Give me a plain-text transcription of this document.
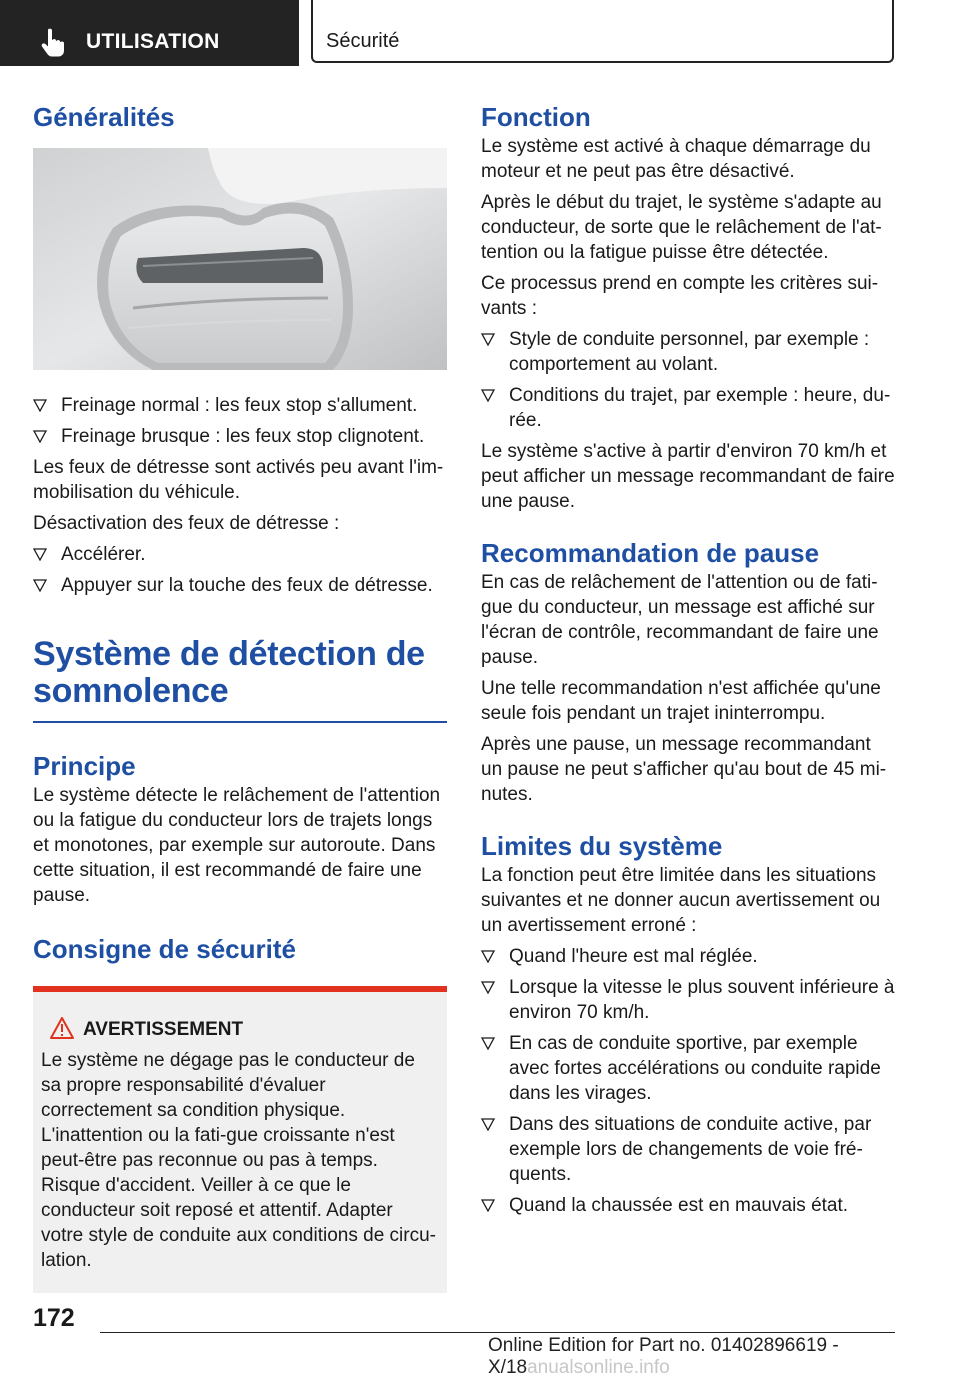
UTILISATION	Sécurité
Généralités
Freinage normal : les feux stop s'allument.
Freinage brusque : les feux stop clignotent.

Les feux de détresse sont activés peu avant l'im-mobilisation du véhicule.

Désactivation des feux de détresse :

Accélérer.
Appuyer sur la touche des feux de détresse.
Système de détection de somnolence
Principe

Le système détecte le relâchement de l'attention ou la fatigue du conducteur lors de trajets longs et monotones, par exemple sur autoroute. Dans cette situation, il est recommandé de faire une pause.

Consigne de sécurité
AVERTISSEMENT

Le système ne dégage pas le conducteur de sa propre responsabilité d'évaluer correctement sa condition physique. L'inattention ou la fati-gue croissante n'est peut-être pas reconnue ou pas à temps. Risque d'accident. Veiller à ce que le conducteur soit reposé et attentif. Adapter votre style de conduite aux conditions de circu-lation.

Fonction

Le système est activé à chaque démarrage du moteur et ne peut pas être désactivé.

Après le début du trajet, le système s'adapte au conducteur, de sorte que le relâchement de l'at-tention ou la fatigue puisse être détectée.

Ce processus prend en compte les critères sui-vants :

Style de conduite personnel, par exemple : comportement au volant.
Conditions du trajet, par exemple : heure, du-rée.

Le système s'active à partir d'environ 70 km/h et peut afficher un message recommandant de faire une pause.

Recommandation de pause

En cas de relâchement de l'attention ou de fati-gue du conducteur, un message est affiché sur l'écran de contrôle, recommandant de faire une pause.

Une telle recommandation n'est affichée qu'une seule fois pendant un trajet ininterrompu.

Après une pause, un message recommandant un pause ne peut s'afficher qu'au bout de 45 mi-nutes.

Limites du système

La fonction peut être limitée dans les situations suivantes et ne donner aucun avertissement ou un avertissement erroné :

Quand l'heure est mal réglée.
Lorsque la vitesse le plus souvent inférieure à environ 70 km/h.
En cas de conduite sportive, par exemple avec fortes accélérations ou conduite rapide dans les virages.
Dans des situations de conduite active, par exemple lors de changements de voie fré-quents.
Quand la chaussée est en mauvais état.
172
Online Edition for Part no. 01402896619 - X/18anualsonline.info
